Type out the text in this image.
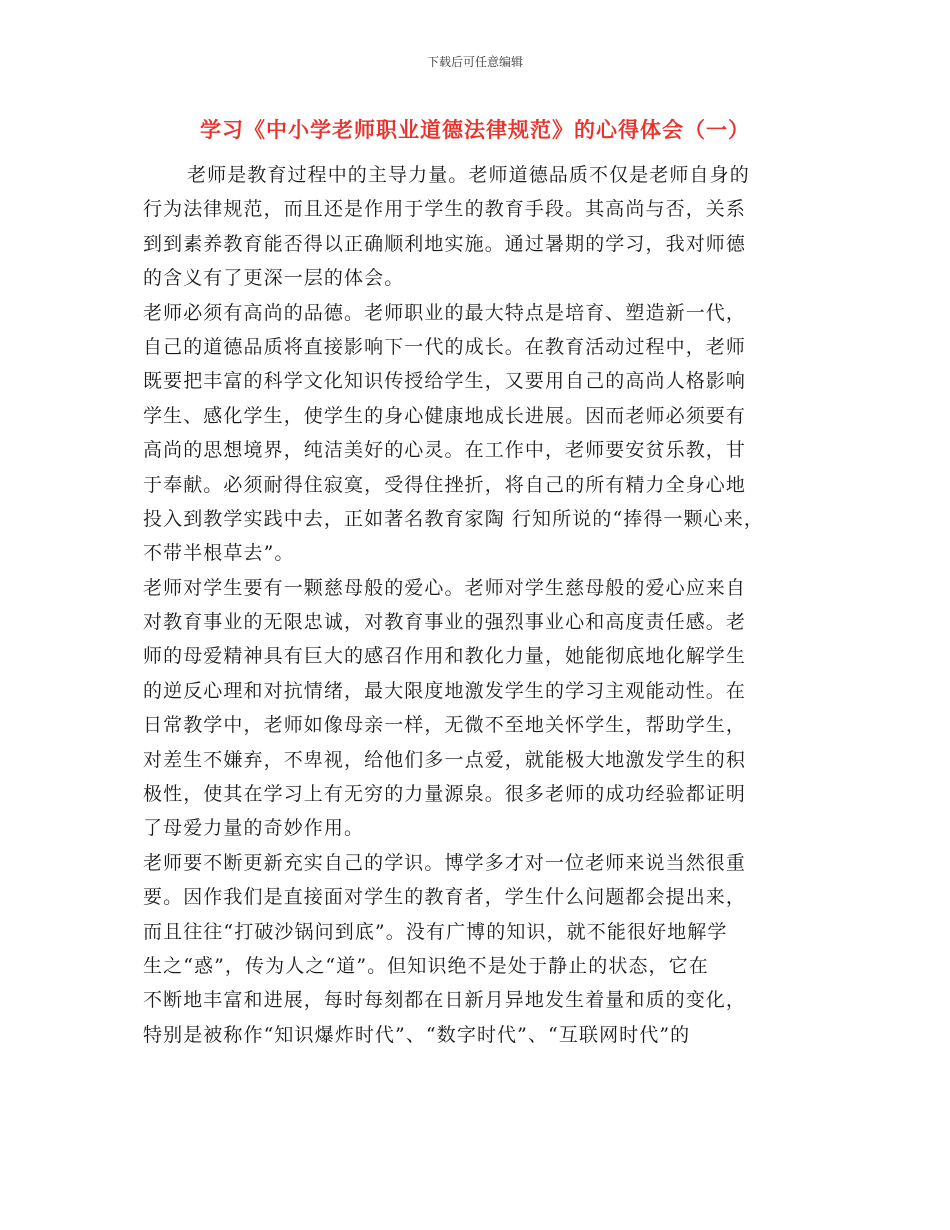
下载后可任意编辑
学习《中小学老师职业道德法律规范》的心得体会（一）
老师是教育过程中的主导力量。老师道德品质不仅是老师自身的
行为法律规范，而且还是作用于学生的教育手段。其高尚与否，关系
到到素养教育能否得以正确顺利地实施。通过暑期的学习，我对师德
的含义有了更深一层的体会。
老师必须有高尚的品德。老师职业的最大特点是培育、塑造新一代，
自己的道德品质将直接影响下一代的成长。在教育活动过程中，老师
既要把丰富的科学文化知识传授给学生，又要用自己的高尚人格影响
学生、感化学生，使学生的身心健康地成长进展。因而老师必须要有
高尚的思想境界，纯洁美好的心灵。在工作中，老师要安贫乐教，甘
于奉献。必须耐得住寂寞，受得住挫折，将自己的所有精力全身心地
投入到教学实践中去，正如著名教育家陶 行知所说的“捧得一颗心来，
不带半根草去”。
老师对学生要有一颗慈母般的爱心。老师对学生慈母般的爱心应来自
对教育事业的无限忠诚，对教育事业的强烈事业心和高度责任感。老
师的母爱精神具有巨大的感召作用和教化力量，她能彻底地化解学生
的逆反心理和对抗情绪，最大限度地激发学生的学习主观能动性。在
日常教学中，老师如像母亲一样，无微不至地关怀学生，帮助学生，
对差生不嫌弃，不卑视，给他们多一点爱，就能极大地激发学生的积
极性，使其在学习上有无穷的力量源泉。很多老师的成功经验都证明
了母爱力量的奇妙作用。
老师要不断更新充实自己的学识。博学多才对一位老师来说当然很重
要。因作我们是直接面对学生的教育者，学生什么问题都会提出来，
而且往往“打破沙锅问到底”。没有广博的知识，就不能很好地解学
生之“惑”，传为人之“道”。但知识绝不是处于静止的状态，它在
不断地丰富和进展，每时每刻都在日新月异地发生着量和质的变化，
特别是被称作“知识爆炸时代”、“数字时代”、“互联网时代”的
